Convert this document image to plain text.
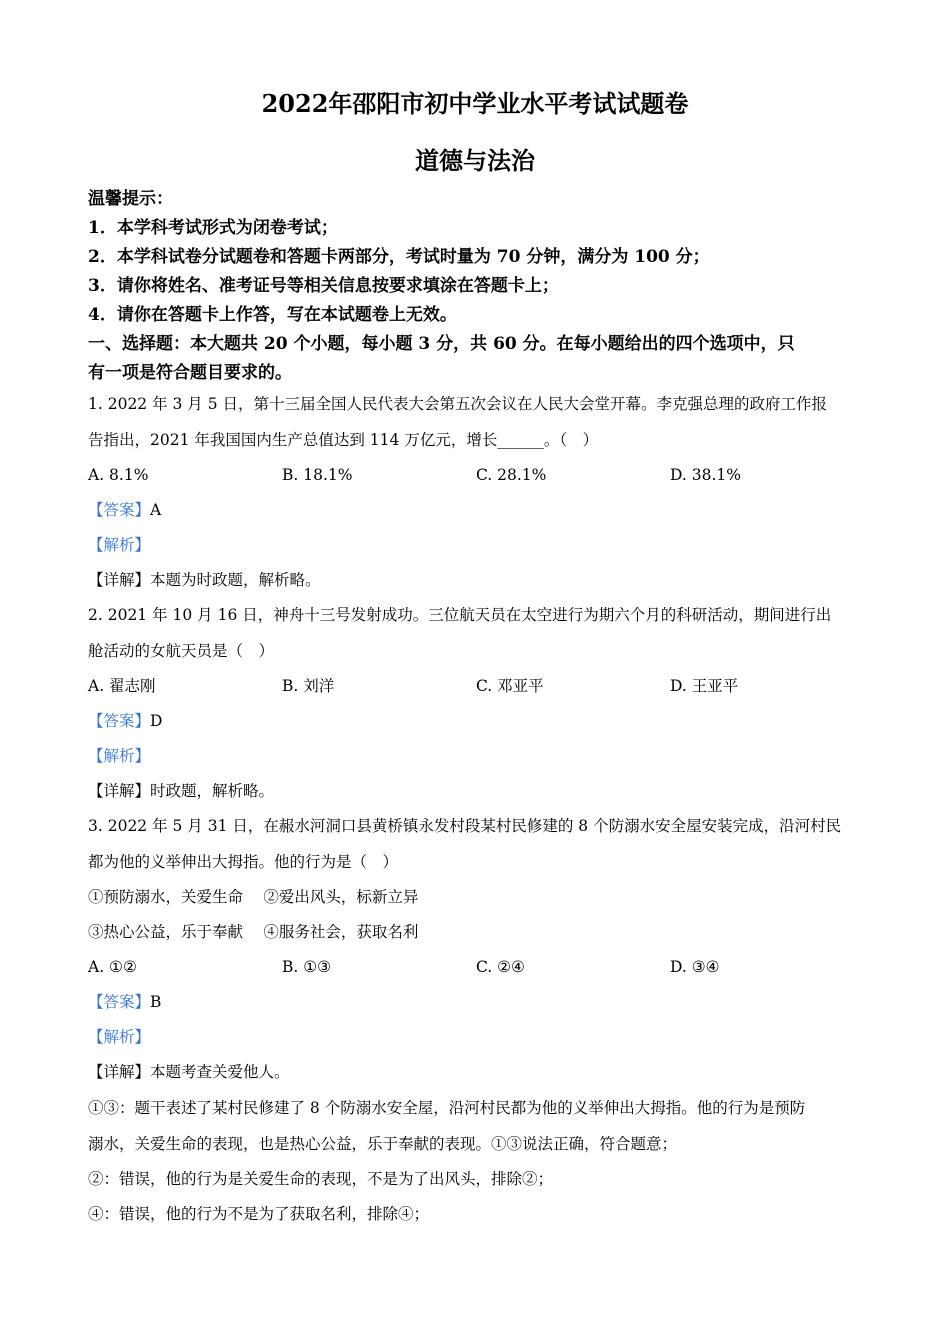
2022年邵阳市初中学业水平考试试题卷
道德与法治
温馨提示：
1．本学科考试形式为闭卷考试；
2．本学科试卷分试题卷和答题卡两部分，考试时量为 70 分钟，满分为 100 分；
3．请你将姓名、准考证号等相关信息按要求填涂在答题卡上；
4．请你在答题卡上作答，写在本试题卷上无效。
一、选择题：本大题共 20 个小题，每小题 3 分，共 60 分。在每小题给出的四个选项中，只
有一项是符合题目要求的。
1. 2022 年 3 月 5 日，第十三届全国人民代表大会第五次会议在人民大会堂开幕。李克强总理的政府工作报
告指出，2021 年我国国内生产总值达到 114 万亿元，增长______。（　）
A. 8.1%	B. 18.1%	C. 28.1%	D. 38.1%
【答案】A
【解析】
【详解】本题为时政题，解析略。
2. 2021 年 10 月 16 日，神舟十三号发射成功。三位航天员在太空进行为期六个月的科研活动，期间进行出
舱活动的女航天员是（　）
A. 翟志刚	B. 刘洋	C. 邓亚平	D. 王亚平
【答案】D
【解析】
【详解】时政题，解析略。
3. 2022 年 5 月 31 日，在赧水河洞口县黄桥镇永发村段某村民修建的 8 个防溺水安全屋安装完成，沿河村民
都为他的义举伸出大拇指。他的行为是（　）
①预防溺水，关爱生命　 ②爱出风头，标新立异
③热心公益，乐于奉献　 ④服务社会，获取名利
A. ①②	B. ①③	C. ②④	D. ③④
【答案】B
【解析】
【详解】本题考查关爱他人。
①③：题干表述了某村民修建了 8 个防溺水安全屋，沿河村民都为他的义举伸出大拇指。他的行为是预防
溺水，关爱生命的表现，也是热心公益，乐于奉献的表现。①③说法正确，符合题意；
②：错误，他的行为是关爱生命的表现，不是为了出风头，排除②；
④：错误，他的行为不是为了获取名利，排除④；
